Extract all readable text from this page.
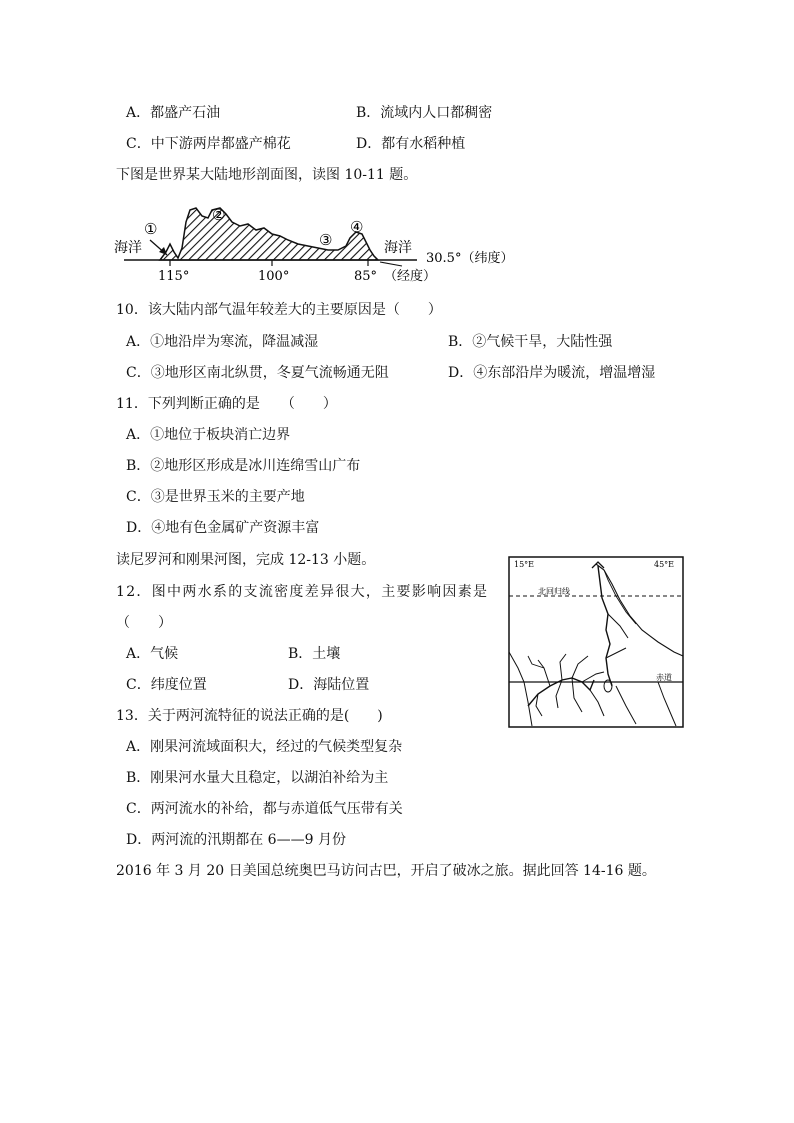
A．都盛产石油	B．流域内人口都稠密
C．中下游两岸都盛产棉花	D．都有水稻种植
下图是世界某大陆地形剖面图，读图 10-11 题。
海洋	海洋
①
②
③
④
115°	100°	85° （经度）
30.5°（纬度）
10．该大陆内部气温年较差大的主要原因是（　　）
A．①地沿岸为寒流，降温减湿	B．②气候干旱，大陆性强
C．③地形区南北纵贯，冬夏气流畅通无阻	D．④东部沿岸为暖流，增温增湿
11．下列判断正确的是　　（　　）
A．①地位于板块消亡边界
B．②地形区形成是冰川连绵雪山广布
C．③是世界玉米的主要产地
D．④地有色金属矿产资源丰富
读尼罗河和刚果河图，完成 12-13 小题。	15°E	45°E
北回归线
赤道
12．图中两水系的支流密度差异很大，主要影响因素是
（　　）
A．气候	B．土壤
C．纬度位置	D．海陆位置
13．关于两河流特征的说法正确的是(　　)
A．刚果河流域面积大，经过的气候类型复杂
B．刚果河水量大且稳定，以湖泊补给为主
C．两河流水的补给，都与赤道低气压带有关
D．两河流的汛期都在 6——9 月份
2016 年 3 月 20 日美国总统奥巴马访问古巴，开启了破冰之旅。据此回答 14-16 题。
